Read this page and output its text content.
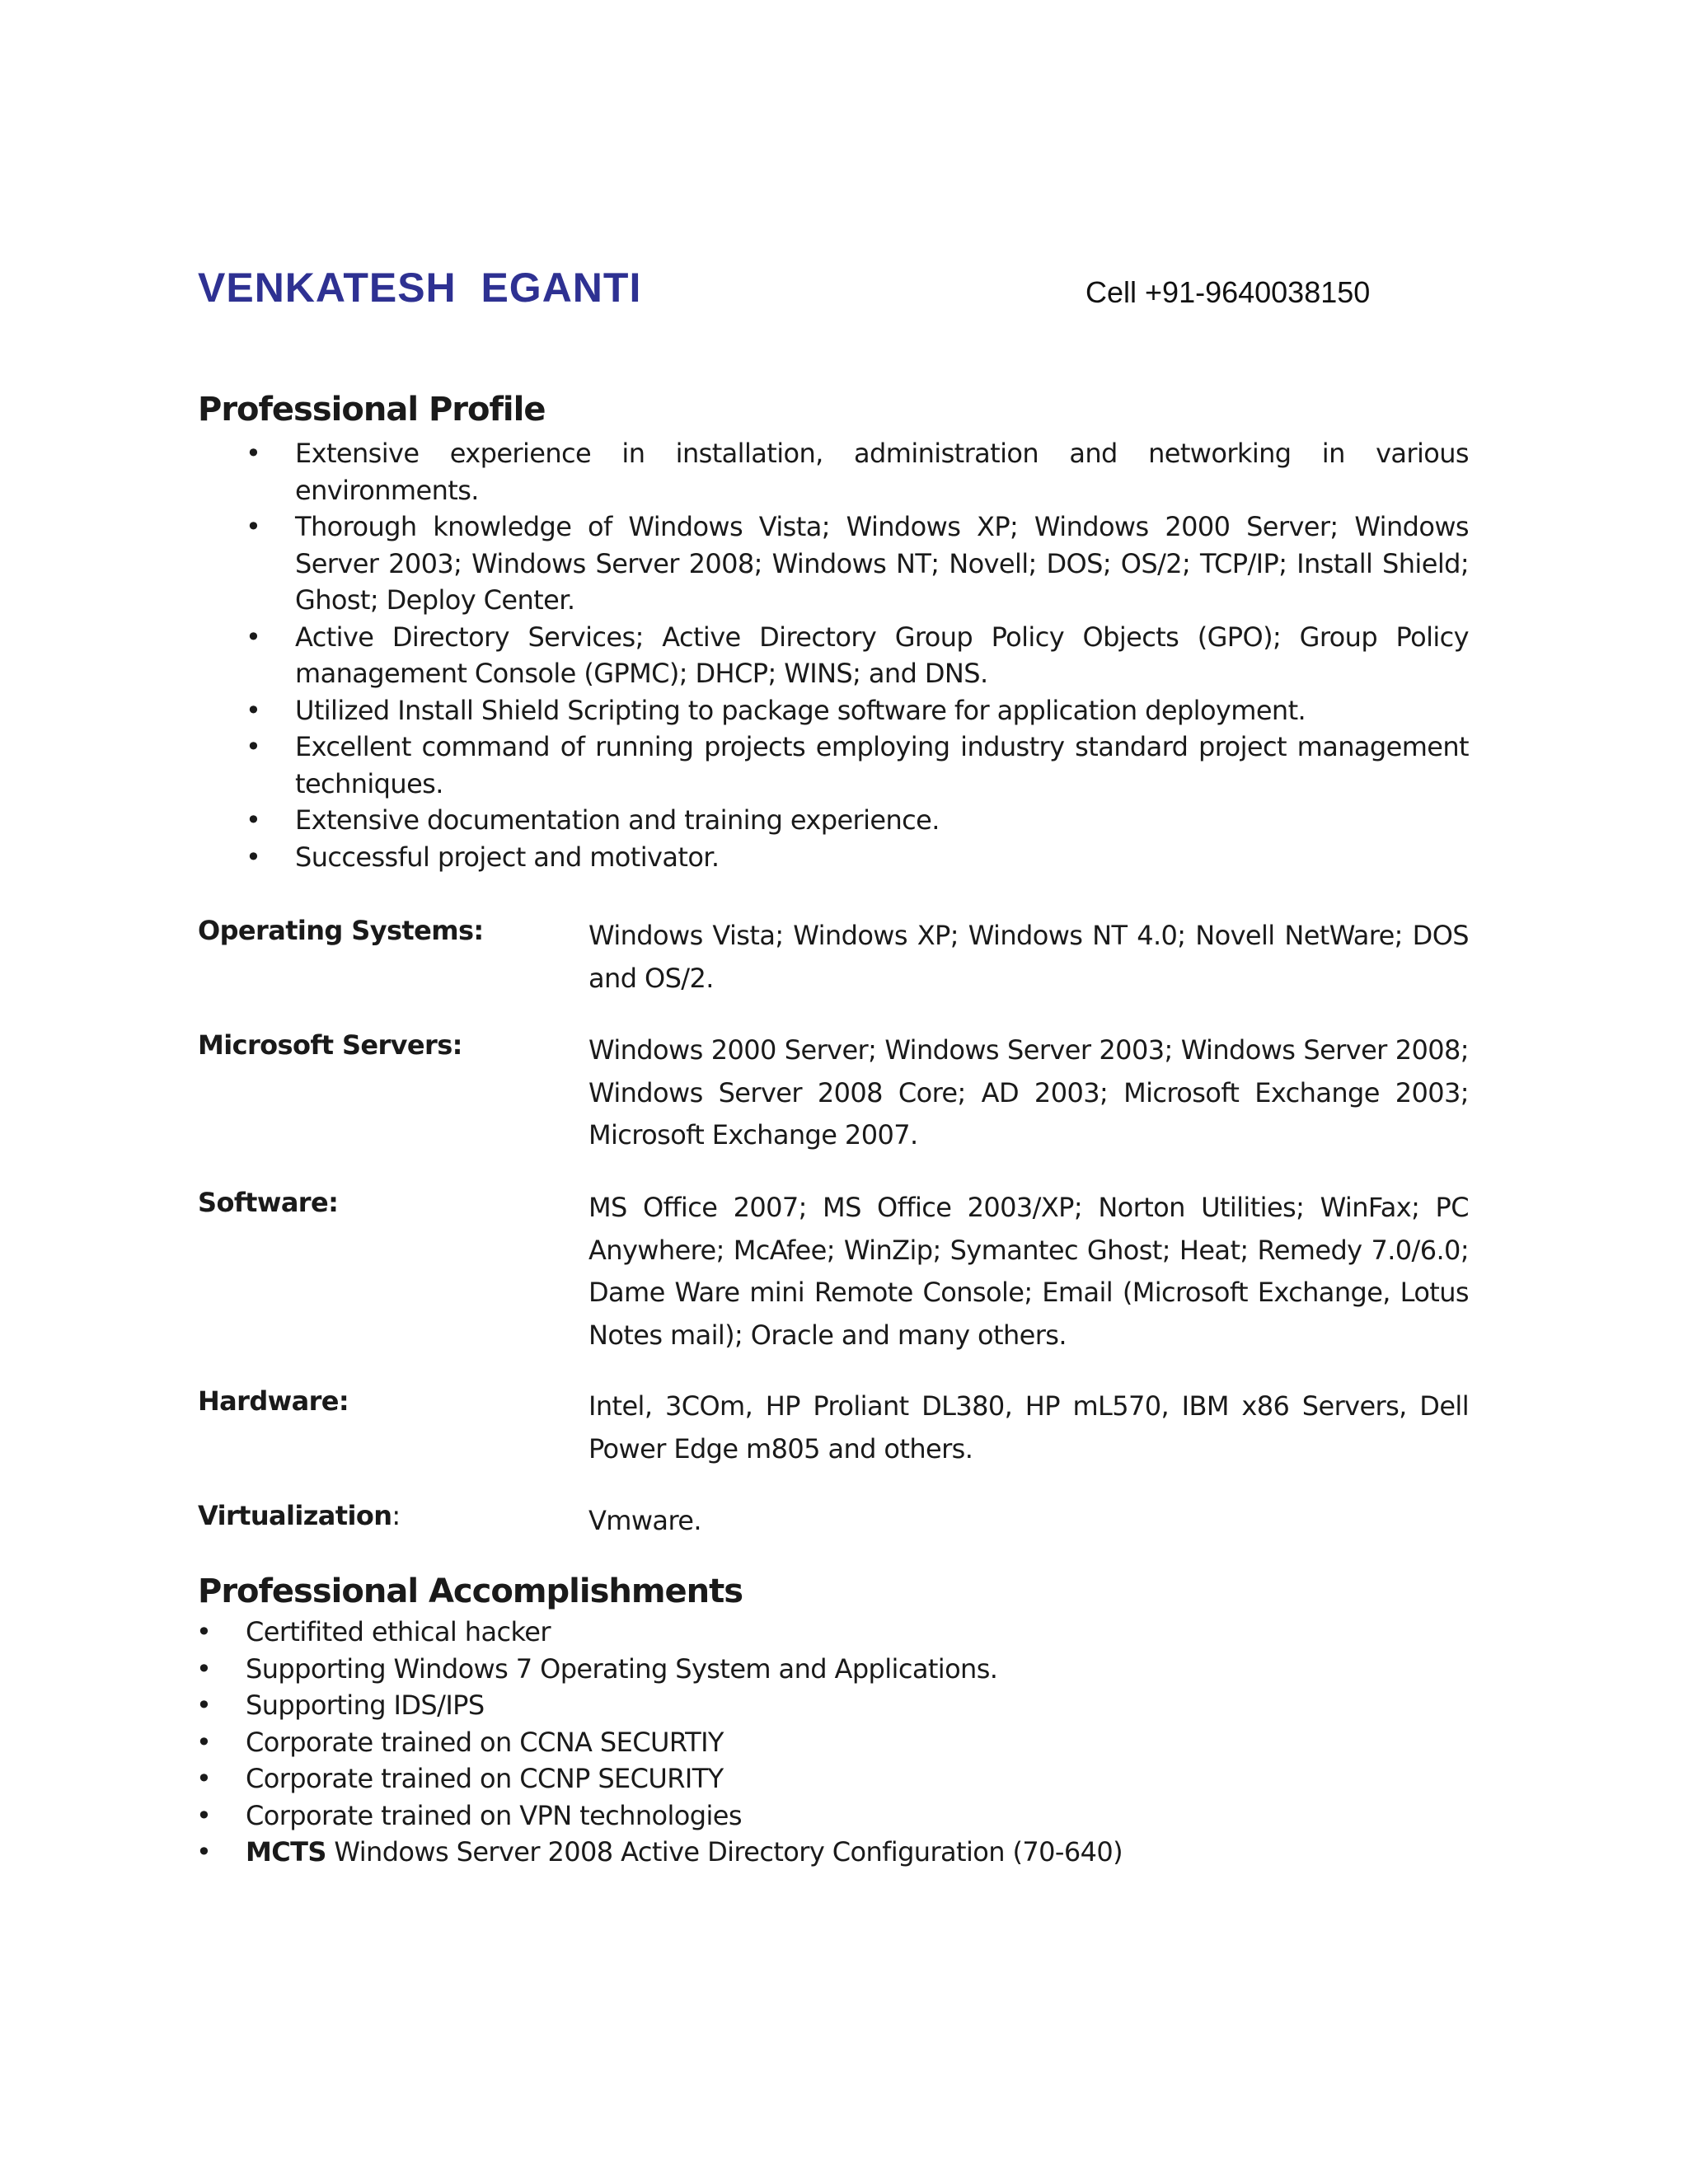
VENKATESH  EGANTI	Cell +91-9640038150
Professional Profile
• Extensive experience in installation, administration and networking in various environments.
• Thorough knowledge of Windows Vista; Windows XP; Windows 2000 Server; Windows Server 2003; Windows Server 2008; Windows NT; Novell; DOS; OS/2; TCP/IP; Install Shield; Ghost; Deploy Center.
• Active Directory Services; Active Directory Group Policy Objects (GPO); Group Policy management Console (GPMC); DHCP; WINS; and DNS.
• Utilized Install Shield Scripting to package software for application deployment.
• Excellent command of running projects employing industry standard project management techniques.
• Extensive documentation and training experience.
• Successful project and motivator.
Operating Systems:	Windows Vista; Windows XP; Windows NT 4.0; Novell NetWare; DOS and OS/2.
Microsoft Servers:	Windows 2000 Server; Windows Server 2003; Windows Server 2008; Windows Server 2008 Core; AD 2003; Microsoft Exchange 2003; Microsoft Exchange 2007.
Software:	MS Office 2007; MS Office 2003/XP; Norton Utilities; WinFax; PC Anywhere; McAfee; WinZip; Symantec Ghost; Heat; Remedy 7.0/6.0; Dame Ware mini Remote Console; Email (Microsoft Exchange, Lotus Notes mail); Oracle and many others.
Hardware:	Intel, 3COm, HP Proliant DL380, HP mL570, IBM x86 Servers, Dell Power Edge m805 and others.
Virtualization:	Vmware.
Professional Accomplishments
• Certifited ethical hacker
• Supporting Windows 7 Operating System and Applications.
• Supporting IDS/IPS
• Corporate trained on CCNA SECURTIY
• Corporate trained on CCNP SECURITY
• Corporate trained on VPN technologies
• MCTS Windows Server 2008 Active Directory Configuration (70-640)
